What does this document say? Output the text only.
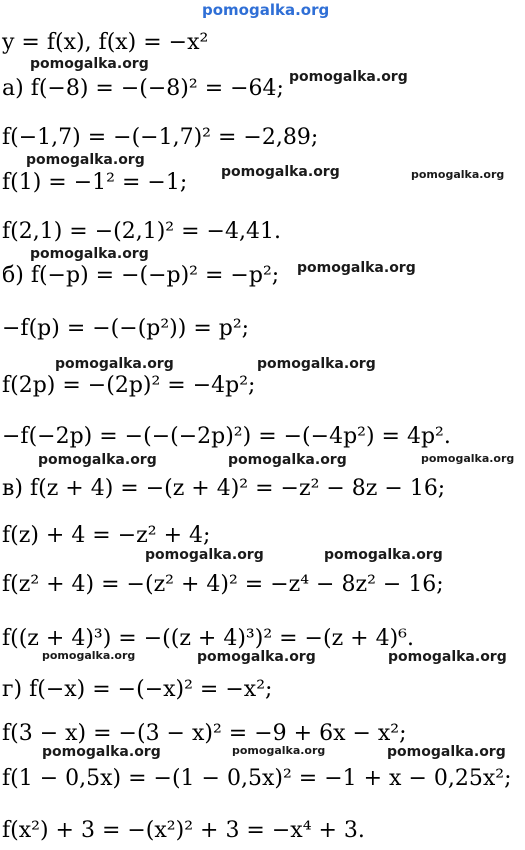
pomogalka.org
y = f(x), f(x) = −x²
а) f(−8) = −(−8)² = −64;
f(−1,7) = −(−1,7)² = −2,89;
f(1) = −1² = −1;
f(2,1) = −(2,1)² = −4,41.
б) f(−p) = −(−p)² = −p²;
−f(p) = −(−(p²)) = p²;
f(2p) = −(2p)² = −4p²;
−f(−2p) = −(−(−2p)²) = −(−4p²) = 4p².
в) f(z + 4) = −(z + 4)² = −z² − 8z − 16;
f(z) + 4 = −z² + 4;
f(z² + 4) = −(z² + 4)² = −z⁴ − 8z² − 16;
f((z + 4)³) = −((z + 4)³)² = −(z + 4)⁶.
г) f(−x) = −(−x)² = −x²;
f(3 − x) = −(3 − x)² = −9 + 6x − x²;
f(1 − 0,5x) = −(1 − 0,5x)² = −1 + x − 0,25x²;
f(x²) + 3 = −(x²)² + 3 = −x⁴ + 3.
pomogalka.org
pomogalka.org
pomogalka.org
pomogalka.org	pomogalka.org
pomogalka.org
pomogalka.org
pomogalka.org	pomogalka.org
pomogalka.org	pomogalka.org	pomogalka.org
pomogalka.org	pomogalka.org
pomogalka.org	pomogalka.org	pomogalka.org
pomogalka.org	pomogalka.org	pomogalka.org
